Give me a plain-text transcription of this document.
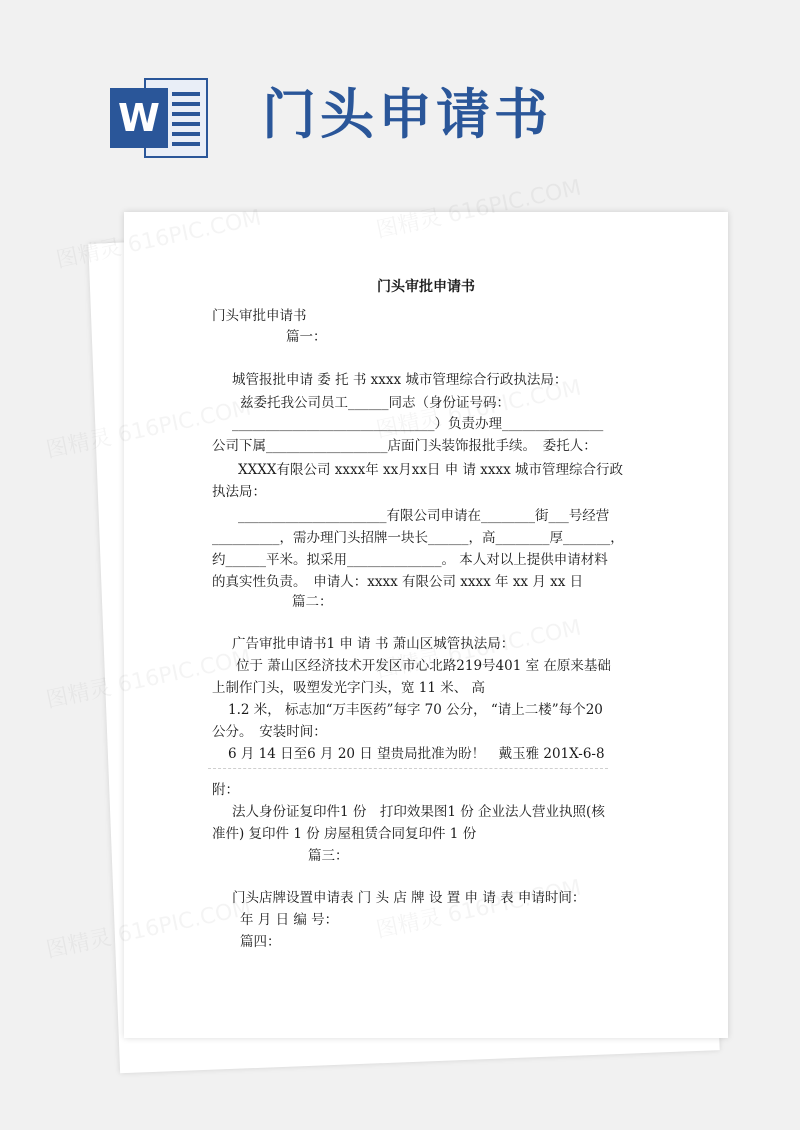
W 门头申请书
门头审批申请书

门头审批申请书

篇一：

城管报批申请 委 托 书 xxxx 城市管理综合行政执法局：

兹委托我公司员工______同志（身份证号码：

______________________________）负责办理_______________

公司下属__________________店面门头装饰报批手续。　委托人：

XXXX有限公司 xxxx年 xx月xx日 申 请 xxxx 城市管理综合行政

执法局：

______________________有限公司申请在________街___号经营

__________，需办理门头招牌一块长______，高________厚_______，

约______平米。拟采用______________。 本人对以上提供申请材料

的真实性负责。　申请人：xxxx 有限公司 xxxx 年 xx 月 xx 日

篇二：

广告审批申请书1 申 请 书 萧山区城管执法局：

位于 萧山区经济技术开发区市心北路219号401 室 在原来基础

上制作门头，吸塑发光字门头，宽 11 米、 高

1.2 米， 标志加“万丰医药”每字 70 公分， “请上二楼”每个20

公分。　安装时间：

6 月 14 日至6 月 20 日 望贵局批准为盼！　戴玉雅 201X-6-8

附：

法人身份证复印件1 份　打印效果图1 份 企业法人营业执照(核

准件) 复印件 1 份 房屋租赁合同复印件 1 份

篇三：

门头店牌设置申请表 门 头 店 牌 设 置 申 请 表 申请时间：

年 月 日 编 号：

篇四：
